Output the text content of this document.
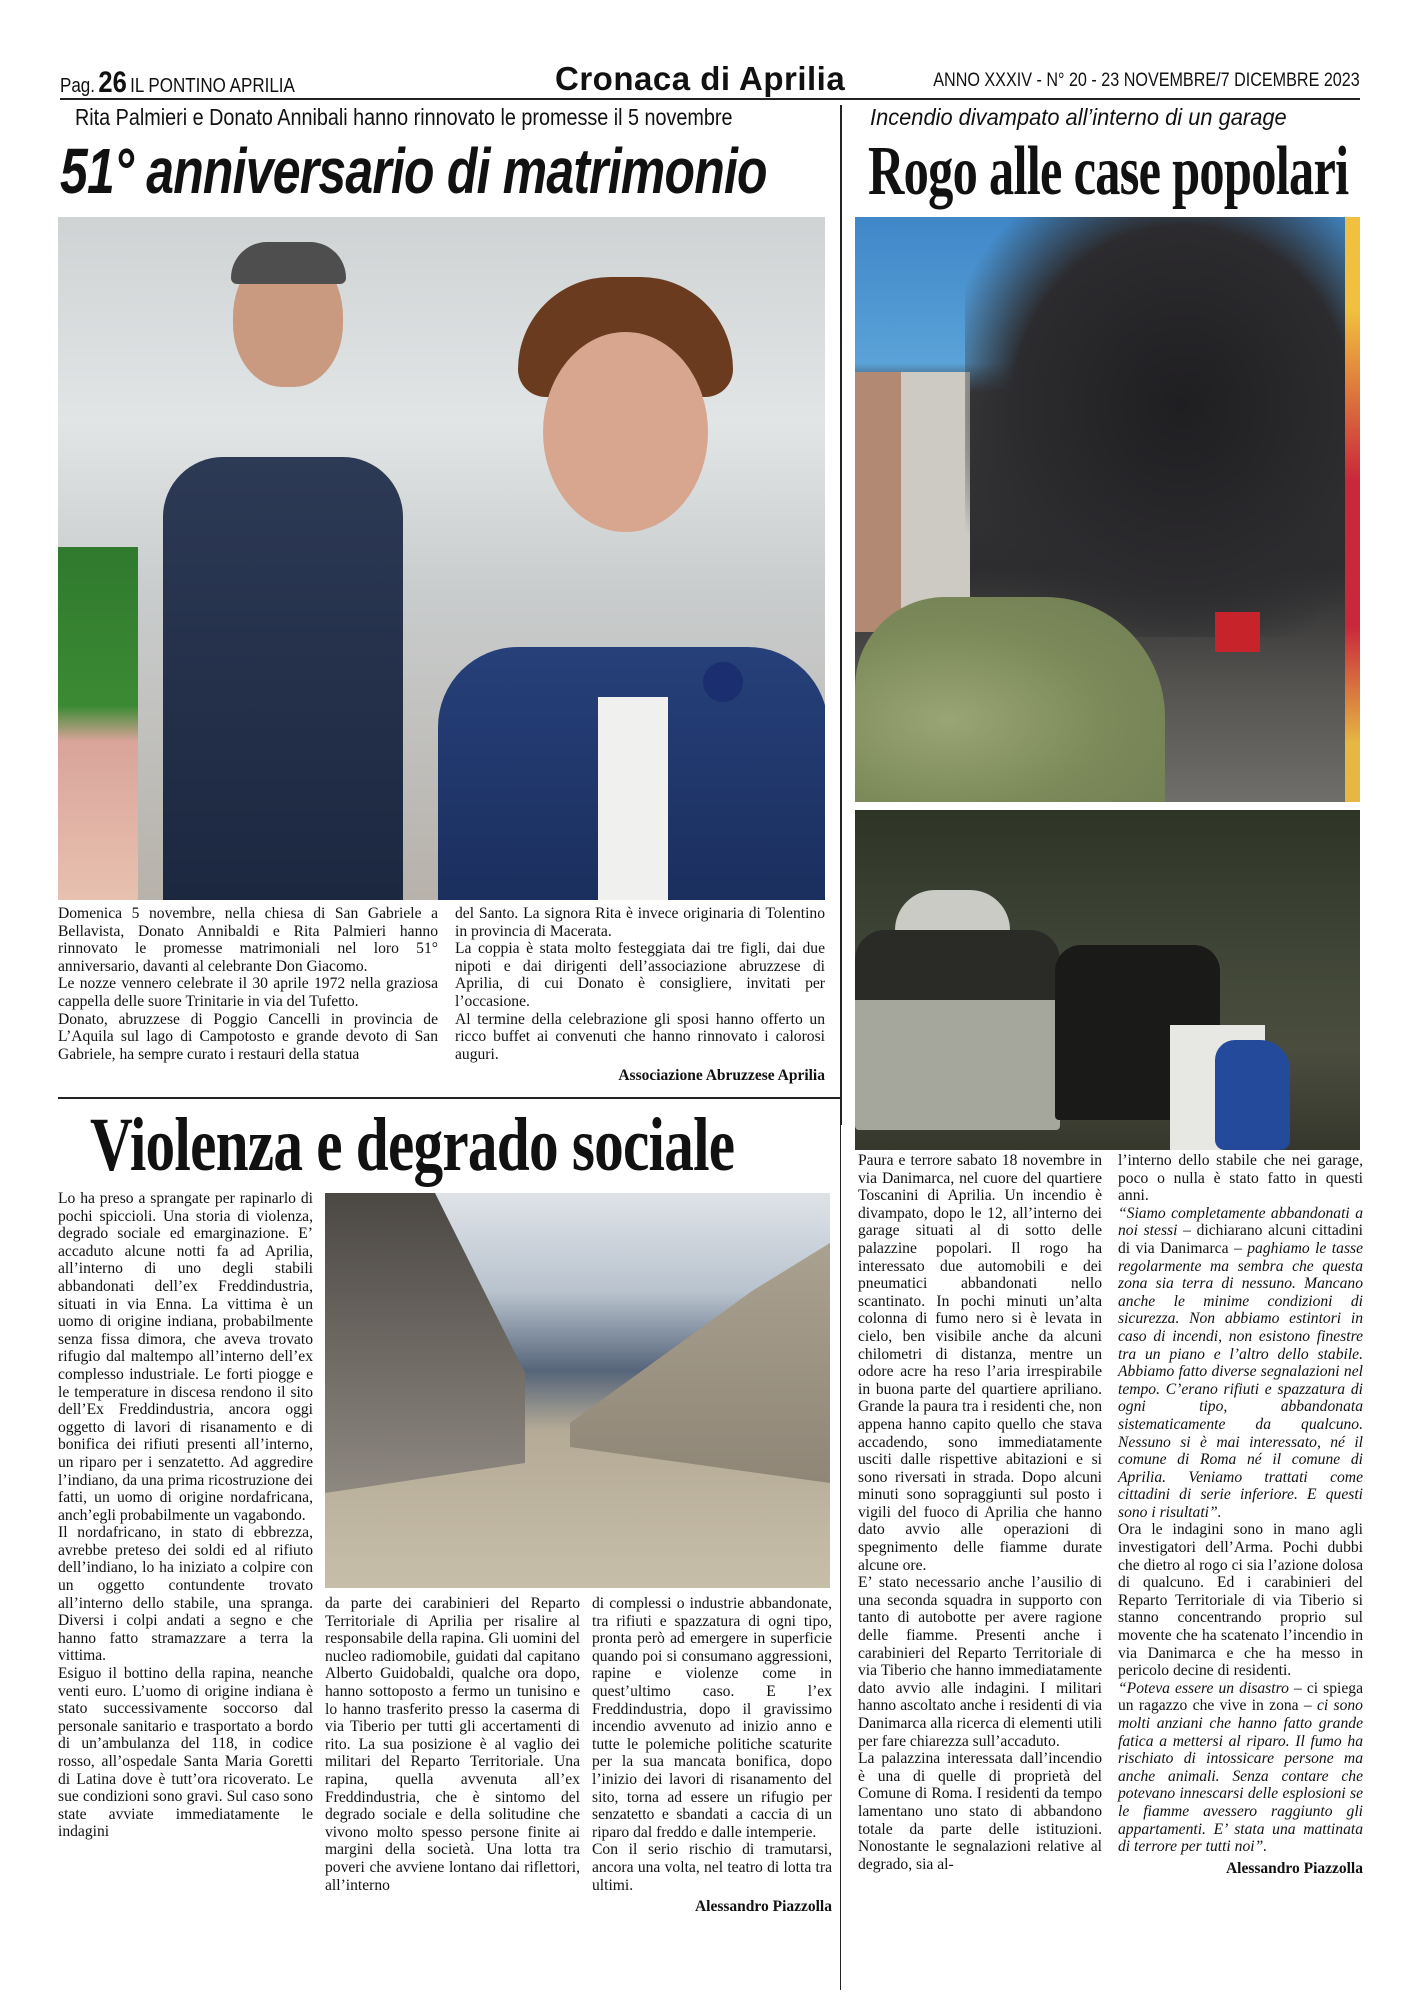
Pag. 26 IL PONTINO APRILIA	Cronaca di Aprilia	ANNO XXXIV - N° 20 - 23 NOVEMBRE/7 DICEMBRE 2023
Rita Palmieri e Donato Annibali hanno rinnovato le promesse il 5 novembre
51° anniversario di matrimonio

Domenica 5 novembre, nella chiesa di San Gabriele a Bellavista, Donato Annibaldi e Rita Palmieri hanno rinnovato le promesse matrimoniali nel loro 51° anniversario, davanti al celebrante Don Giacomo.

Le nozze vennero celebrate il 30 aprile 1972 nella graziosa cappella delle suore Trinitarie in via del Tufetto.

Donato, abruzzese di Poggio Cancelli in provincia de L’Aquila sul lago di Campotosto e grande devoto di San Gabriele, ha sempre curato i restauri della statua

del Santo. La signora Rita è invece originaria di Tolentino in provincia di Macerata.

La coppia è stata molto festeggiata dai tre figli, dai due nipoti e dai dirigenti dell’associazione abruzzese di Aprilia, di cui Donato è consigliere, invitati per l’occasione.

Al termine della celebrazione gli sposi hanno offerto un ricco buffet ai convenuti che hanno rinnovato i calorosi auguri.

Associazione Abruzzese Aprilia
Incendio divampato all’interno di un garage
Rogo alle case popolari

Paura e terrore sabato 18 novembre in via Danimarca, nel cuore del quartiere Toscanini di Aprilia. Un incendio è divampato, dopo le 12, all’interno dei garage situati al di sotto delle palazzine popolari. Il rogo ha interessato due automobili e dei pneumatici abbandonati nello scantinato. In pochi minuti un’alta colonna di fumo nero si è levata in cielo, ben visibile anche da alcuni chilometri di distanza, mentre un odore acre ha reso l’aria irrespirabile in buona parte del quartiere apriliano. Grande la paura tra i residenti che, non appena hanno capito quello che stava accadendo, sono immediatamente usciti dalle rispettive abitazioni e si sono riversati in strada. Dopo alcuni minuti sono sopraggiunti sul posto i vigili del fuoco di Aprilia che hanno dato avvio alle operazioni di spegnimento delle fiamme durate alcune ore.

E’ stato necessario anche l’ausilio di una seconda squadra in supporto con tanto di autobotte per avere ragione delle fiamme. Presenti anche i carabinieri del Reparto Territoriale di via Tiberio che hanno immediatamente dato avvio alle indagini. I militari hanno ascoltato anche i residenti di via Danimarca alla ricerca di elementi utili per fare chiarezza sull’accaduto.

La palazzina interessata dall’incendio è una di quelle di proprietà del Comune di Roma. I residenti da tempo lamentano uno stato di abbandono totale da parte delle istituzioni. Nonostante le segnalazioni relative al degrado, sia al-

l’interno dello stabile che nei garage, poco o nulla è stato fatto in questi anni.

“Siamo completamente abbandonati a noi stessi – dichiarano alcuni cittadini di via Danimarca – paghiamo le tasse regolarmente ma sembra che questa zona sia terra di nessuno. Mancano anche le minime condizioni di sicurezza. Non abbiamo estintori in caso di incendi, non esistono finestre tra un piano e l’altro dello stabile. Abbiamo fatto diverse segnalazioni nel tempo. C’erano rifiuti e spazzatura di ogni tipo, abbandonata sistematicamente da qualcuno. Nessuno si è mai interessato, né il comune di Roma né il comune di Aprilia. Veniamo trattati come cittadini di serie inferiore. E questi sono i risultati”.

Ora le indagini sono in mano agli investigatori dell’Arma. Pochi dubbi che dietro al rogo ci sia l’azione dolosa di qualcuno. Ed i carabinieri del Reparto Territoriale di via Tiberio si stanno concentrando proprio sul movente che ha scatenato l’incendio in via Danimarca e che ha messo in pericolo decine di residenti.

“Poteva essere un disastro – ci spiega un ragazzo che vive in zona – ci sono molti anziani che hanno fatto grande fatica a mettersi al riparo. Il fumo ha rischiato di intossicare persone ma anche animali. Senza contare che potevano innescarsi delle esplosioni se le fiamme avessero raggiunto gli appartamenti. E’ stata una mattinata di terrore per tutti noi”.

Alessandro Piazzolla
Violenza e degrado sociale

Lo ha preso a sprangate per rapinarlo di pochi spiccioli. Una storia di violenza, degrado sociale ed emarginazione. E’ accaduto alcune notti fa ad Aprilia, all’interno di uno degli stabili abbandonati dell’ex Freddindustria, situati in via Enna. La vittima è un uomo di origine indiana, probabilmente senza fissa dimora, che aveva trovato rifugio dal maltempo all’interno dell’ex complesso industriale. Le forti piogge e le temperature in discesa rendono il sito dell’Ex Freddindustria, ancora oggi oggetto di lavori di risanamento e di bonifica dei rifiuti presenti all’interno, un riparo per i senzatetto. Ad aggredire l’indiano, da una prima ricostruzione dei fatti, un uomo di origine nordafricana, anch’egli probabilmente un vagabondo.

Il nordafricano, in stato di ebbrezza, avrebbe preteso dei soldi ed al rifiuto dell’indiano, lo ha iniziato a colpire con un oggetto contundente trovato all’interno dello stabile, una spranga. Diversi i colpi andati a segno e che hanno fatto stramazzare a terra la vittima.

Esiguo il bottino della rapina, neanche venti euro. L’uomo di origine indiana è stato successivamente soccorso dal personale sanitario e trasportato a bordo di un’ambulanza del 118, in codice rosso, all’ospedale Santa Maria Goretti di Latina dove è tutt’ora ricoverato. Le sue condizioni sono gravi. Sul caso sono state avviate immediatamente le indagini

da parte dei carabinieri del Reparto Territoriale di Aprilia per risalire al responsabile della rapina. Gli uomini del nucleo radiomobile, guidati dal capitano Alberto Guidobaldi, qualche ora dopo, hanno sottoposto a fermo un tunisino e lo hanno trasferito presso la caserma di via Tiberio per tutti gli accertamenti di rito. La sua posizione è al vaglio dei militari del Reparto Territoriale. Una rapina, quella avvenuta all’ex Freddindustria, che è sintomo del degrado sociale e della solitudine che vivono molto spesso persone finite ai margini della società. Una lotta tra poveri che avviene lontano dai riflettori, all’interno

di complessi o industrie abbandonate, tra rifiuti e spazzatura di ogni tipo, pronta però ad emergere in superficie quando poi si consumano aggressioni, rapine e violenze come in quest’ultimo caso. E l’ex Freddindustria, dopo il gravissimo incendio avvenuto ad inizio anno e tutte le polemiche politiche scaturite per la sua mancata bonifica, dopo l’inizio dei lavori di risanamento del sito, torna ad essere un rifugio per senzatetto e sbandati a caccia di un riparo dal freddo e dalle intemperie.

Con il serio rischio di tramutarsi, ancora una volta, nel teatro di lotta tra ultimi.

Alessandro Piazzolla
